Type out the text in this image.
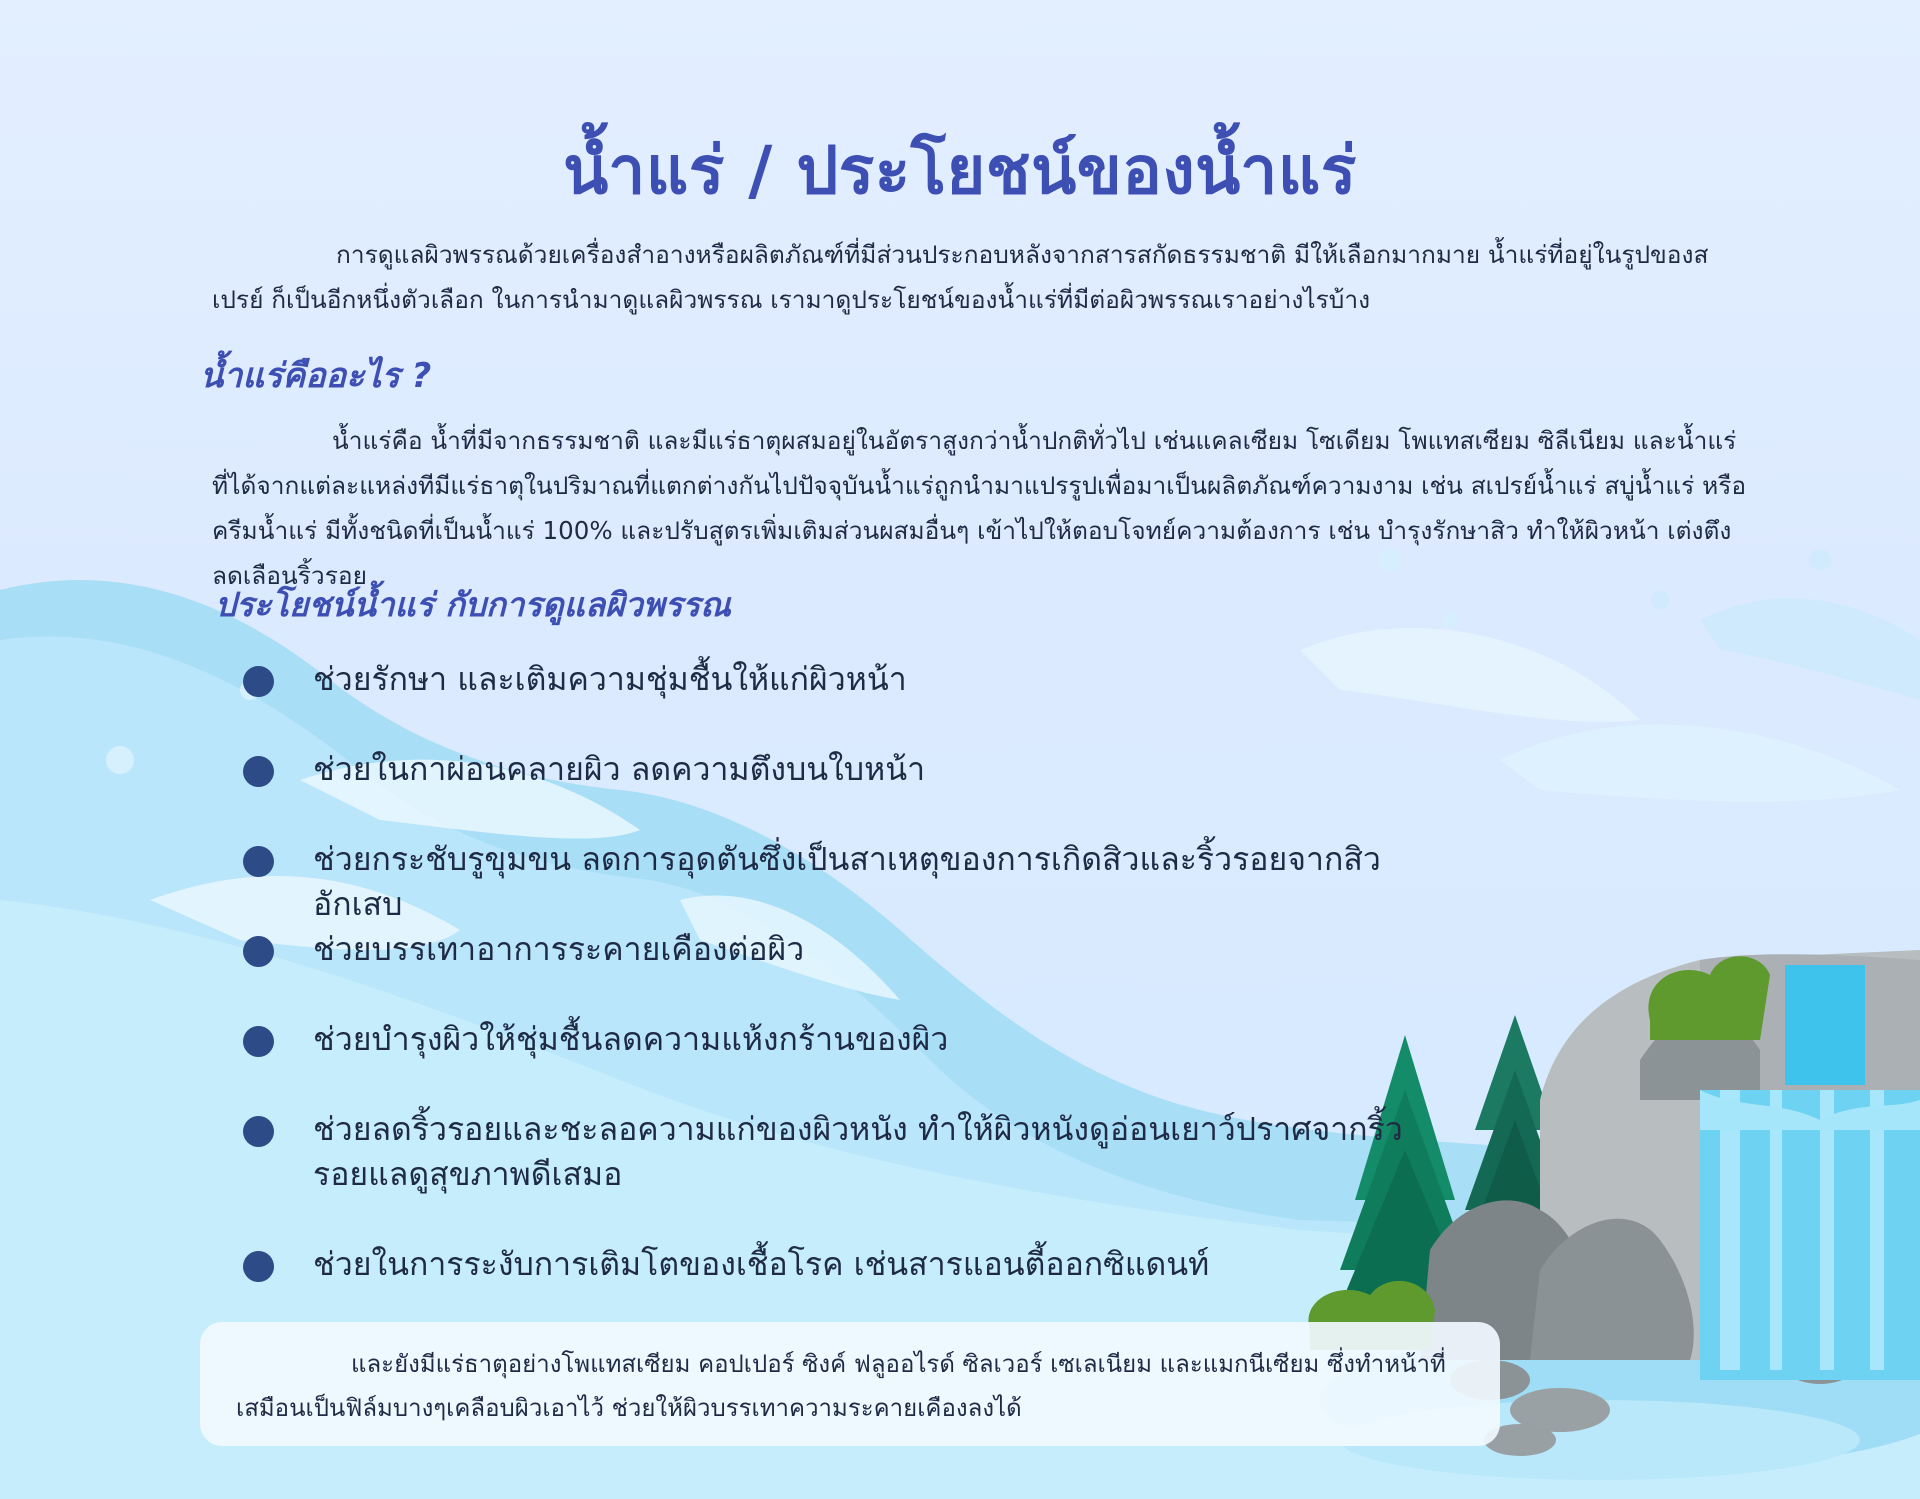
น้ำแร่ / ประโยชน์ของน้ำแร่

การดูแลผิวพรรณด้วยเครื่องสำอางหรือผลิตภัณฑ์ที่มีส่วนประกอบหลังจากสารสกัดธรรมชาติ มีให้เลือกมากมาย น้ำแร่ที่อยู่ในรูปของสเปรย์ ก็เป็นอีกหนึ่งตัวเลือก ในการนำมาดูแลผิวพรรณ เรามาดูประโยชน์ของน้ำแร่ที่มีต่อผิวพรรณเราอย่างไรบ้าง

น้ำแร่คืออะไร ?

น้ำแร่คือ น้ำที่มีจากธรรมชาติ และมีแร่ธาตุผสมอยู่ในอัตราสูงกว่าน้ำปกติทั่วไป เช่นแคลเซียม โซเดียม โพแทสเซียม ซิลีเนียม และน้ำแร่ที่ได้จากแต่ละแหล่งทีมีแร่ธาตุในปริมาณที่แตกต่างกันไปปัจจุบันน้ำแร่ถูกนำมาแปรรูปเพื่อมาเป็นผลิตภัณฑ์ความงาม เช่น สเปรย์น้ำแร่ สบู่น้ำแร่ หรือครีมน้ำแร่ มีทั้งชนิดที่เป็นน้ำแร่ 100% และปรับสูตรเพิ่มเติมส่วนผสมอื่นๆ เข้าไปให้ตอบโจทย์ความต้องการ เช่น บำรุงรักษาสิว ทำให้ผิวหน้า เต่งตึง ลดเลือนริ้วรอย

ประโยชน์น้ำแร่ กับการดูแลผิวพรรณ
ช่วยรักษา และเติมความชุ่มชื้นให้แก่ผิวหน้า
ช่วยในกาผ่อนคลายผิว ลดความตึงบนใบหน้า
ช่วยกระชับรูขุมขน ลดการอุดตันซึ่งเป็นสาเหตุของการเกิดสิวและริ้วรอยจากสิวอักเสบ
ช่วยบรรเทาอาการระคายเคืองต่อผิว
ช่วยบำรุงผิวให้ชุ่มชื้นลดความแห้งกร้านของผิว
ช่วยลดริ้วรอยและชะลอความแก่ของผิวหนัง ทำให้ผิวหนังดูอ่อนเยาว์ปราศจากริ้วรอยแลดูสุขภาพดีเสมอ
ช่วยในการระงับการเติมโตของเชื้อโรค เช่นสารแอนตี้ออกซิแดนท์

และยังมีแร่ธาตุอย่างโพแทสเซียม คอปเปอร์ ซิงค์ ฟลูออไรด์ ซิลเวอร์ เซเลเนียม และแมกนีเซียม ซึ่งทำหน้าที่เสมือนเป็นฟิล์มบางๆเคลือบผิวเอาไว้ ช่วยให้ผิวบรรเทาความระคายเคืองลงได้
